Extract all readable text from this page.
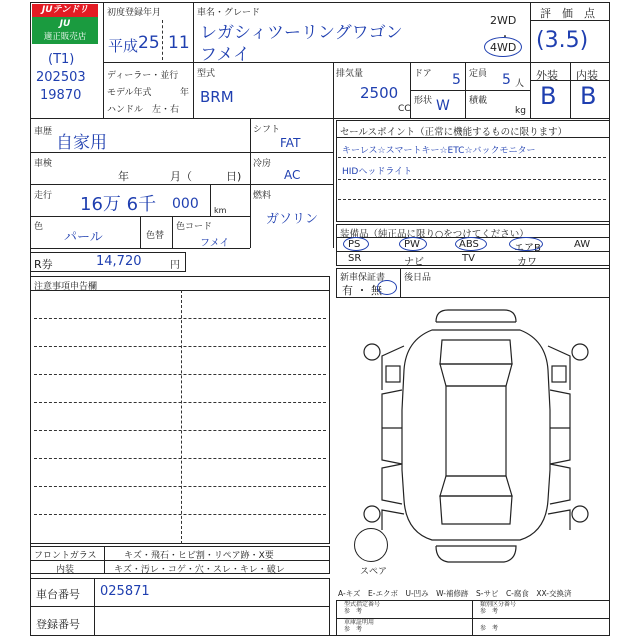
JUテンドリ
JU
適正販売店
(T1)
202503
19870
初度登録年月
平成 25 11
車名・グレード
レガシィツーリングワゴン
フメイ
2WD
・
4WD
評　価　点
(3.5)
外装 内装
B B
ディーラー・並行
モデル年式	年
ハンドル　左・右
型式
BRM
排気量
2500
CC
ドア 5 定員 5 人
形状 W 積載
kg
車歴
自家用
車検
年	月（	日)
走行 16万 6千 000 km
色
パール	色替
色コード
フメイ
R券	14,720	円
シフト
FAT
冷房
AC
燃料
ガソリン
セールスポイント（正常に機能するものに限ります）
キーレス☆スマートキー☆ETC☆バックモニター
HIDヘッドライト
装備品（純正品に限り○をつけてください）
PS	PW	ABS	エアB	AW
SR	ナビ	TV	カワ
新車保証書
有 ・ 無
後日品
注意事項申告欄
スペア
フロントガラス	キズ・飛石・ヒビ割・リペア跡・X要
内装	キズ・汚レ・コゲ・穴・スレ・キレ・破レ
車台番号 025871
登録番号
A-キズ　E-エクボ　U-凹み　W-補修跡　S-サビ　C-腐食　XX-交換済
型式指定番号
参　考
類別区分番号
参　考
車庫証明用
参　考	参　考
